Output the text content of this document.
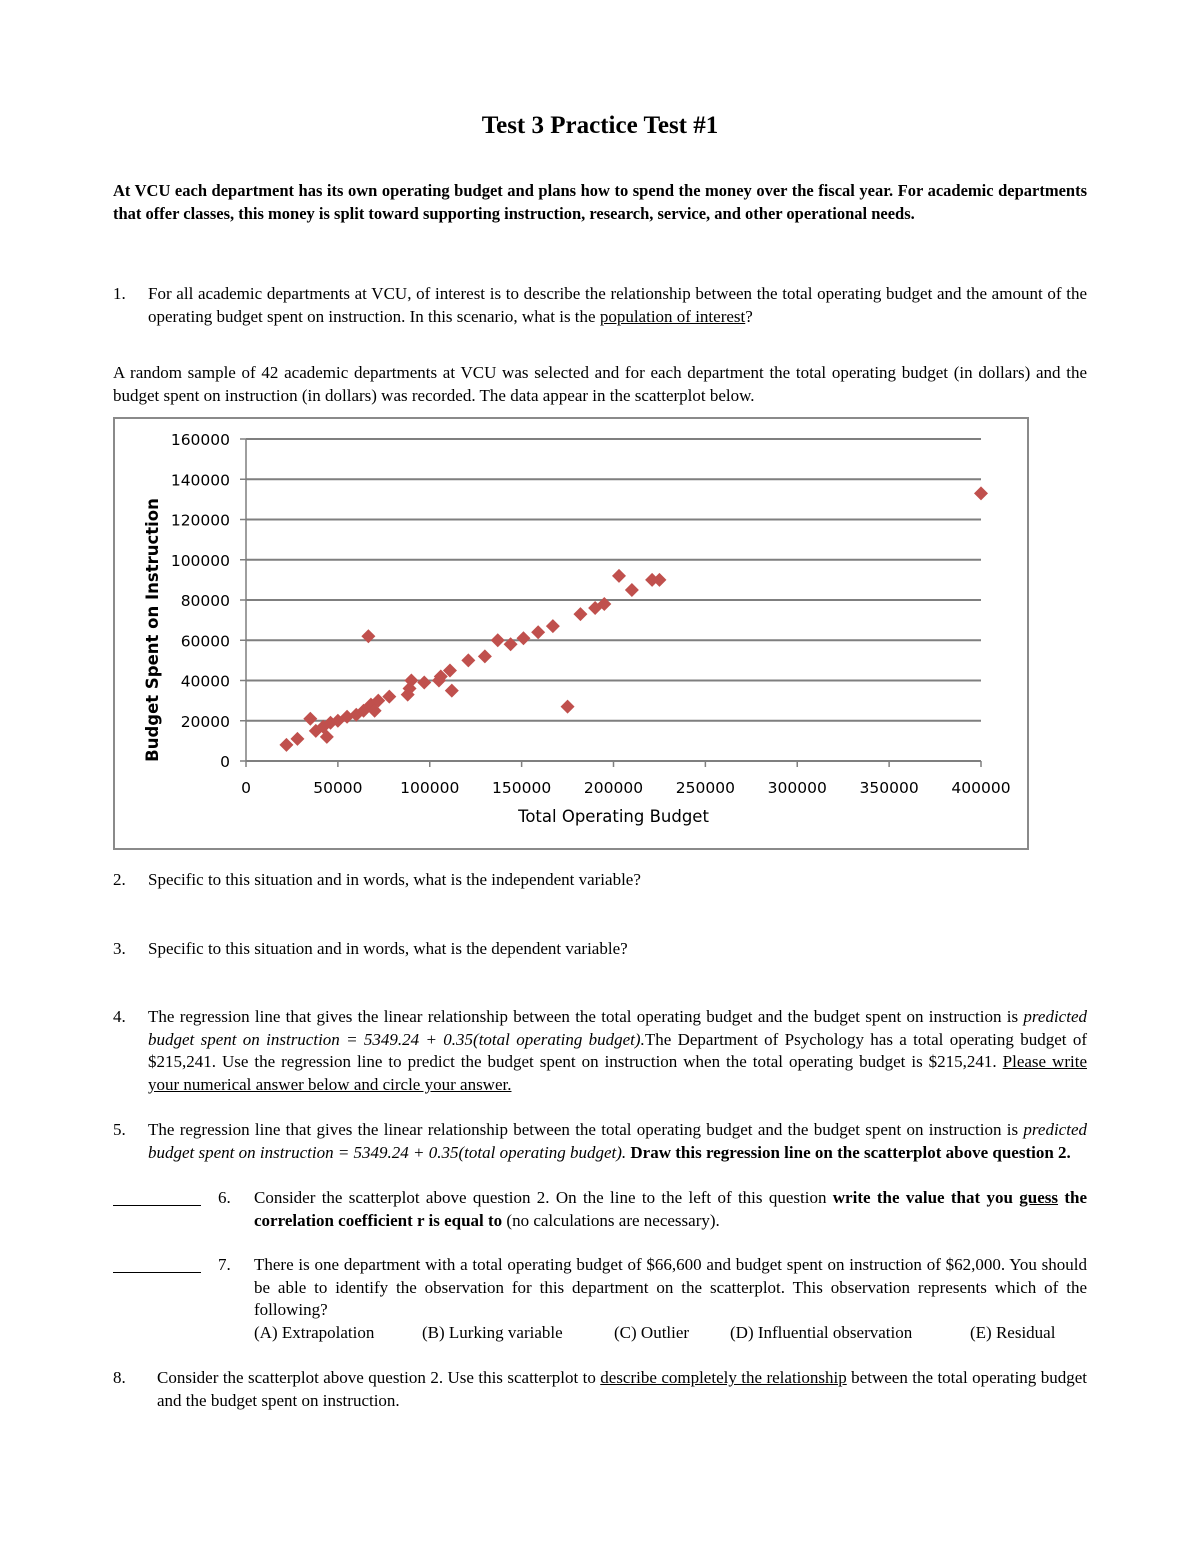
Test 3 Practice Test #1
At VCU each department has its own operating budget and plans how to spend the money over the fiscal year. For academic departments that offer classes, this money is split toward supporting instruction, research, service, and other operational needs.
1. For all academic departments at VCU, of interest is to describe the relationship between the total operating budget and the amount of the operating budget spent on instruction. In this scenario, what is the population of interest?
A random sample of 42 academic departments at VCU was selected and for each department the total operating budget (in dollars) and the budget spent on instruction (in dollars) was recorded. The data appear in the scatterplot below.
0
20000
40000
60000
80000
100000
120000
140000
160000
0	50000 100000 150000 200000 250000 300000 350000 400000
Total Operating Budget
Budget Spent on Instruction
2. Specific to this situation and in words, what is the independent variable?
3. Specific to this situation and in words, what is the dependent variable?
4. The regression line that gives the linear relationship between the total operating budget and the budget spent on instruction is predicted budget spent on instruction = 5349.24 + 0.35(total operating budget).The Department of Psychology has a total operating budget of $215,241. Use the regression line to predict the budget spent on instruction when the total operating budget is $215,241. Please write your numerical answer below and circle your answer.
5. The regression line that gives the linear relationship between the total operating budget and the budget spent on instruction is predicted budget spent on instruction = 5349.24 + 0.35(total operating budget). Draw this regression line on the scatterplot above question 2.
6. Consider the scatterplot above question 2. On the line to the left of this question write the value that you guess the correlation coefficient r is equal to (no calculations are necessary).
7. There is one department with a total operating budget of $66,600 and budget spent on instruction of $62,000. You should be able to identify the observation for this department on the scatterplot. This observation represents which of the following?
(A) Extrapolation	(B) Lurking variable	(C) Outlier (D) Influential observation	(E) Residual
8. Consider the scatterplot above question 2. Use this scatterplot to describe completely the relationship between the total operating budget and the budget spent on instruction.
